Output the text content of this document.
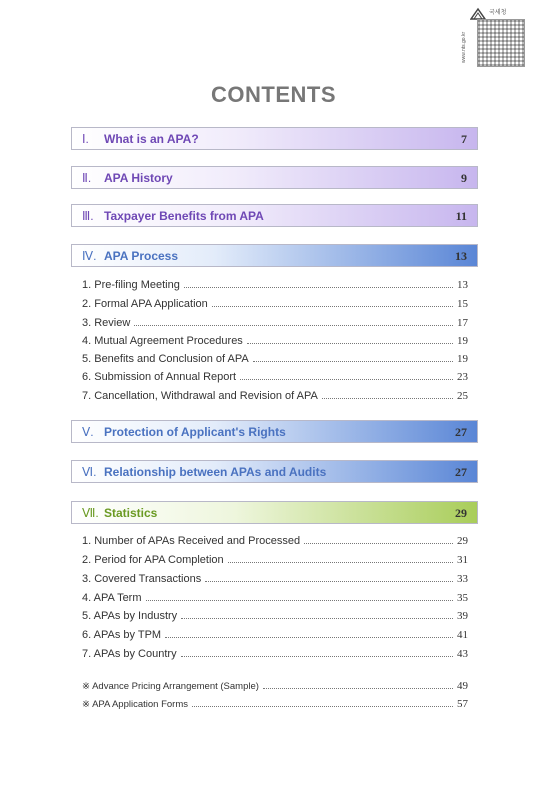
국세청
www.nts.go.kr
CONTENTS
Ⅰ. What is an APA?	7
Ⅱ. APA History	9
Ⅲ. Taxpayer Benefits from APA	11
Ⅳ. APA Process	13
1. Pre-filing Meeting	13
2. Formal APA Application	15
3. Review	17
4. Mutual Agreement Procedures	19
5. Benefits and Conclusion of APA	19
6. Submission of Annual Report	23
7. Cancellation, Withdrawal and Revision of APA	25
Ⅴ. Protection of Applicant's Rights	27
Ⅵ. Relationship between APAs and Audits	27
Ⅶ. Statistics	29
1. Number of APAs Received and Processed	29
2. Period for APA Completion	31
3. Covered Transactions	33
4. APA Term	35
5. APAs by Industry	39
6. APAs by TPM	41
7. APAs by Country	43
※ Advance Pricing Arrangement (Sample)	49
※ APA Application Forms	57
